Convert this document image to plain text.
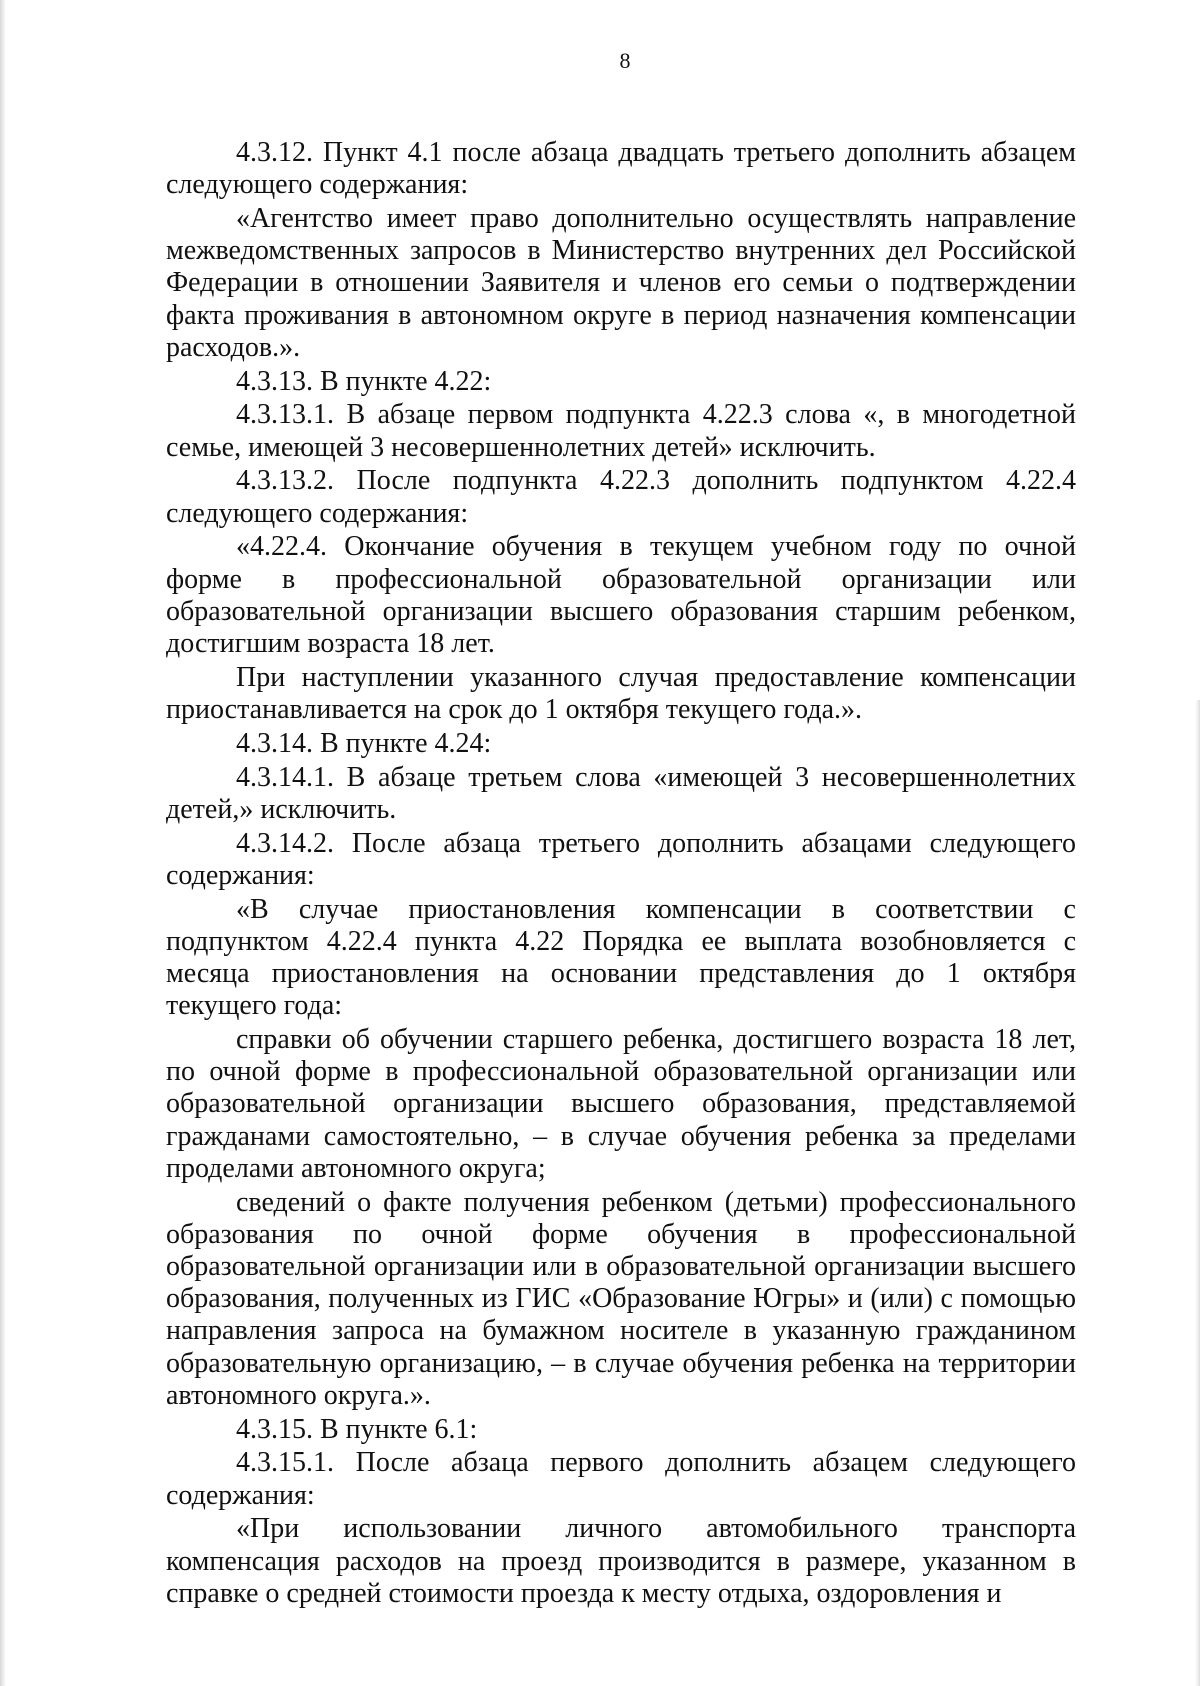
8

4.3.12. Пункт 4.1 после абзаца двадцать третьего дополнить абзацем следующего содержания:

«Агентство имеет право дополнительно осуществлять направление межведомственных запросов в Министерство внутренних дел Российской Федерации в отношении Заявителя и членов его семьи о подтверждении факта проживания в автономном округе в период назначения компенсации расходов.».

4.3.13. В пункте 4.22:

4.3.13.1. В абзаце первом подпункта 4.22.3 слова «, в многодетной семье, имеющей 3 несовершеннолетних детей» исключить.

4.3.13.2. После подпункта 4.22.3 дополнить подпунктом 4.22.4 следующего содержания:

«4.22.4. Окончание обучения в текущем учебном году по очной форме в профессиональной образовательной организации или образовательной организации высшего образования старшим ребенком, достигшим возраста 18 лет.

При наступлении указанного случая предоставление компенсации приостанавливается на срок до 1 октября текущего года.».

4.3.14. В пункте 4.24:

4.3.14.1. В абзаце третьем слова «имеющей 3 несовершеннолетних детей,» исключить.

4.3.14.2. После абзаца третьего дополнить абзацами следующего содержания:

«В случае приостановления компенсации в соответствии с подпунктом 4.22.4 пункта 4.22 Порядка ее выплата возобновляется с месяца приостановления на основании представления до 1 октября текущего года:

справки об обучении старшего ребенка, достигшего возраста 18 лет, по очной форме в профессиональной образовательной организации или образовательной организации высшего образования, представляемой гражданами самостоятельно, – в случае обучения ребенка за пределами проделами автономного округа;

сведений о факте получения ребенком (детьми) профессионального образования по очной форме обучения в профессиональной образовательной организации или в образовательной организации высшего образования, полученных из ГИС «Образование Югры» и (или) с помощью направления запроса на бумажном носителе в указанную гражданином образовательную организацию, – в случае обучения ребенка на территории автономного округа.».

4.3.15. В пункте 6.1:

4.3.15.1. После абзаца первого дополнить абзацем следующего содержания:

«При использовании личного автомобильного транспорта компенсация расходов на проезд производится в размере, указанном в справке о средней стоимости проезда к месту отдыха, оздоровления и
